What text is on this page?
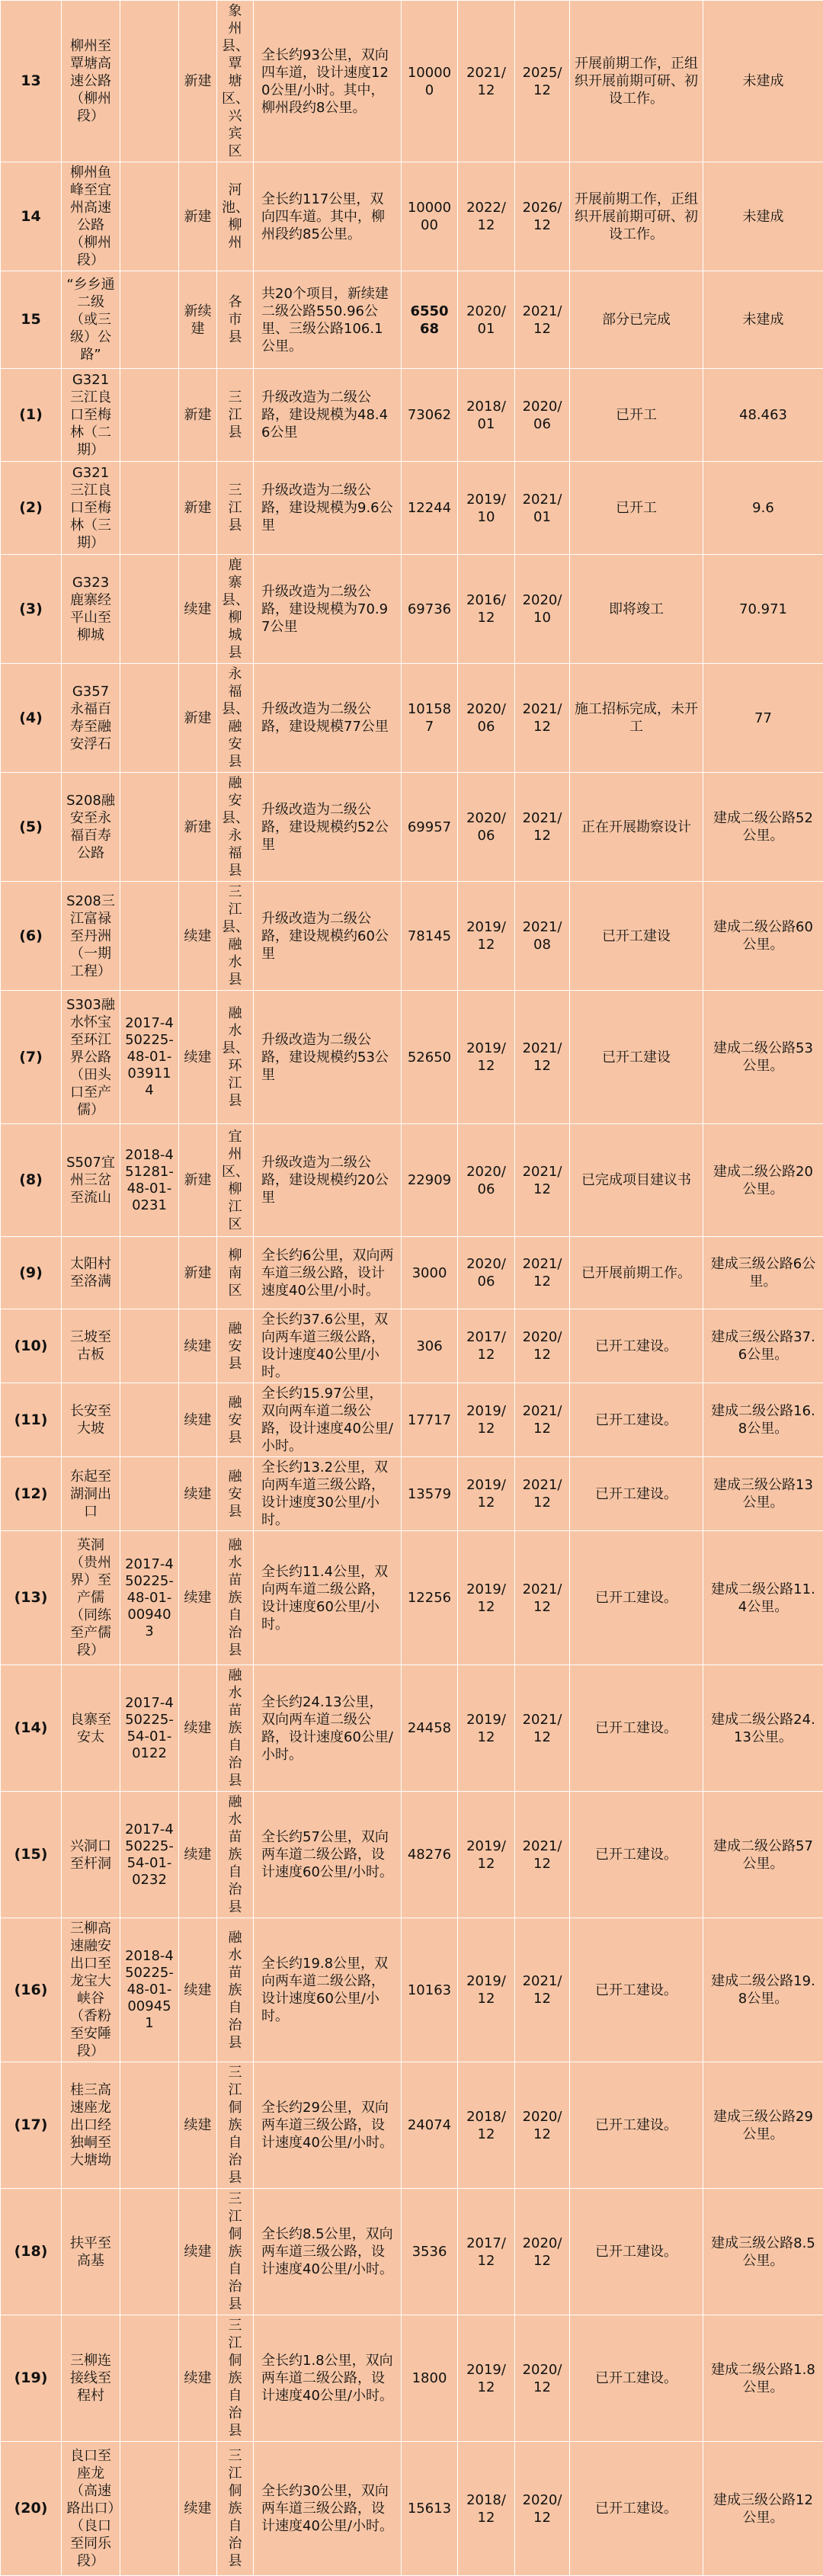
13	柳州至覃塘高速公路（柳州段）		新建	象州县、覃塘区、兴宾区	全长约93公里，双向四车道，设计速度120公里/小时。其中，柳州段约8公里。	100000	2021/12	2025/12	开展前期工作，正组织开展前期可研、初设工作。	未建成
14	柳州鱼峰至宜州高速公路（柳州段）		新建	河池、柳州	全长约117公里，双向四车道。其中，柳州段约85公里。	1000000	2022/12	2026/12	开展前期工作，正组织开展前期可研、初设工作。	未建成
15	“乡乡通二级（或三级）公路”		新续建	各市县	共20个项目，新续建二级公路550.96公里、三级公路106.1公里。	655068	2020/01	2021/12	部分已完成	未建成
(1)	G321三江良口至梅林（二期）		新建	三江县	升级改造为二级公路，建设规模为48.46公里	73062	2018/01	2020/06	已开工	48.463
(2)	G321三江良口至梅林（三期）		新建	三江县	升级改造为二级公路，建设规模为9.6公里	12244	2019/10	2021/01	已开工	9.6
(3)	G323鹿寨经平山至柳城		续建	鹿寨县、柳城县	升级改造为二级公路，建设规模为70.97公里	69736	2016/12	2020/10	即将竣工	70.971
(4)	G357永福百寿至融安浮石		新建	永福县、融安县	升级改造为二级公路，建设规模77公里	101587	2020/06	2021/12	施工招标完成，未开工	77
(5)	S208融安至永福百寿公路		新建	融安县、永福县	升级改造为二级公路，建设规模约52公里	69957	2020/06	2021/12	正在开展勘察设计	建成二级公路52公里。
(6)	S208三江富禄至丹洲（一期工程）		续建	三江县、融水县	升级改造为二级公路，建设规模约60公里	78145	2019/12	2021/08	已开工建设	建成二级公路60公里。
(7)	S303融水怀宝至环江界公路（田头口至产儒）	2017-450225-48-01-039114	续建	融水县、环江县	升级改造为二级公路，建设规模约53公里	52650	2019/12	2021/12	已开工建设	建成二级公路53公里。
(8)	S507宜州三岔至流山	2018-451281-48-01-0231	新建	宜州区、柳江区	升级改造为二级公路，建设规模约20公里	22909	2020/06	2021/12	已完成项目建议书	建成二级公路20公里。
(9)	太阳村至洛满		新建	柳南区	全长约6公里，双向两车道三级公路，设计速度40公里/小时。	3000	2020/06	2021/12	已开展前期工作。	建成三级公路6公里。
(10)	三坡至古板		续建	融安县	全长约37.6公里，双向两车道三级公路，设计速度40公里/小时。	306	2017/12	2020/12	已开工建设。	建成三级公路37.6公里。
(11)	长安至大坡		续建	融安县	全长约15.97公里，双向两车道二级公路，设计速度40公里/小时。	17717	2019/12	2021/12	已开工建设。	建成二级公路16.8公里。
(12)	东起至湖洞出口		续建	融安县	全长约13.2公里，双向两车道三级公路，设计速度30公里/小时。	13579	2019/12	2021/12	已开工建设。	建成三级公路13公里。
(13)	英洞（贵州界）至产儒（同练至产儒段）	2017-450225-48-01-009403	续建	融水苗族自治县	全长约11.4公里，双向两车道二级公路，设计速度60公里/小时。	12256	2019/12	2021/12	已开工建设。	建成二级公路11.4公里。
(14)	良寨至安太	2017-450225-54-01-0122	续建	融水苗族自治县	全长约24.13公里，双向两车道二级公路，设计速度60公里/小时。	24458	2019/12	2021/12	已开工建设。	建成二级公路24.13公里。
(15)	兴洞口至杆洞	2017-450225-54-01-0232	续建	融水苗族自治县	全长约57公里，双向两车道二级公路，设计速度60公里/小时。	48276	2019/12	2021/12	已开工建设。	建成二级公路57公里。
(16)	三柳高速融安出口至龙宝大峡谷（香粉至安陲段）	2018-450225-48-01-009451	续建	融水苗族自治县	全长约19.8公里，双向两车道二级公路，设计速度60公里/小时。	10163	2019/12	2021/12	已开工建设。	建成二级公路19.8公里。
(17)	桂三高速座龙出口经独峒至大塘坳		续建	三江侗族自治县	全长约29公里，双向两车道三级公路，设计速度40公里/小时。	24074	2018/12	2020/12	已开工建设。	建成三级公路29公里。
(18)	扶平至高基		续建	三江侗族自治县	全长约8.5公里，双向两车道三级公路，设计速度40公里/小时。	3536	2017/12	2020/12	已开工建设。	建成三级公路8.5公里。
(19)	三柳连接线至程村		续建	三江侗族自治县	全长约1.8公里，双向两车道二级公路，设计速度40公里/小时。	1800	2019/12	2020/12	已开工建设。	建成二级公路1.8公里。
(20)	良口至座龙（高速路出口）（良口至同乐段）		续建	三江侗族自治县	全长约30公里，双向两车道三级公路，设计速度40公里/小时。	15613	2018/12	2020/12	已开工建设。	建成三级公路12公里。
